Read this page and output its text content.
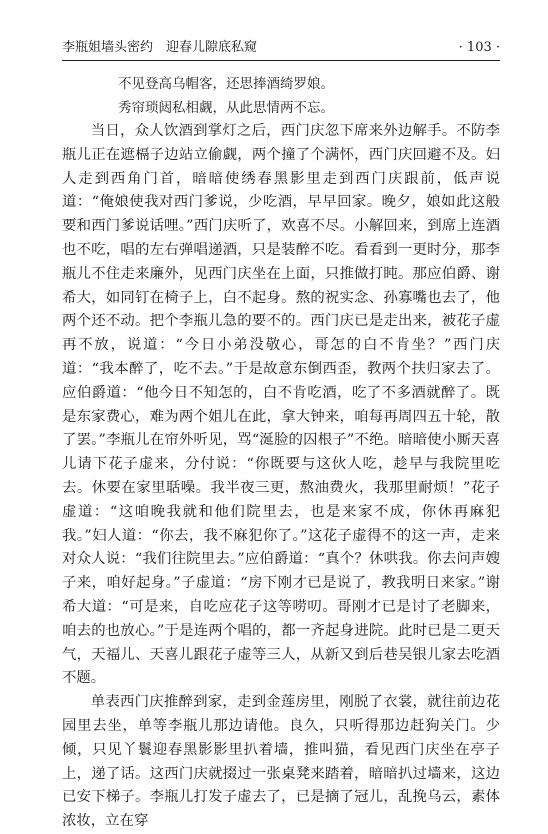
李瓶姐墙头密约　迎春儿隙底私窥	· 103 ·

不见登高乌帽客，还思捧酒绮罗娘。

秀帘琐闼私相觑，从此思情两不忘。

当日，众人饮酒到掌灯之后，西门庆忽下席来外边解手。不防李瓶儿正在遮槅子边站立偷觑，两个撞了个满怀，西门庆回避不及。妇人走到西角门首，暗暗使绣春黑影里走到西门庆跟前，低声说道：“俺娘使我对西门爹说，少吃酒，早早回家。晚夕，娘如此这般要和西门爹说话哩。”西门庆听了，欢喜不尽。小解回来，到席上连酒也不吃，唱的左右弹唱递酒，只是装醉不吃。看看到一更时分，那李瓶儿不住走来廉外，见西门庆坐在上面，只推做打盹。那应伯爵、谢希大，如同钉在椅子上，白不起身。熬的祝实念、孙寡嘴也去了，他两个还不动。把个李瓶儿急的要不的。西门庆已是走出来，被花子虚再不放，说道：“今日小弟没敬心，哥怎的白不肯坐？”西门庆道：“我本醉了，吃不去。”于是故意东倒西歪，教两个扶归家去了。应伯爵道：“他今日不知怎的，白不肯吃酒，吃了不多酒就醉了。既是东家费心，难为两个姐儿在此，拿大钟来，咱每再周四五十轮，散了罢。”李瓶儿在帘外听见，骂“涎脸的囚根子”不绝。暗暗使小厮天喜儿请下花子虚来，分付说：“你既要与这伙人吃，趁早与我院里吃去。休要在家里聒噪。我半夜三更，熬油费火，我那里耐烦！”花子虚道：“这咱晚我就和他们院里去，也是来家不成，你休再麻犯我。”妇人道：“你去，我不麻犯你了。”这花子虚得不的这一声，走来对众人说：“我们往院里去。”应伯爵道：“真个？休哄我。你去问声嫂子来，咱好起身。”子虚道：“房下刚才已是说了，教我明日来家。”谢希大道：“可是来，自吃应花子这等唠叨。哥刚才已是讨了老脚来，咱去的也放心。”于是连两个唱的，都一齐起身进院。此时已是二更天气，天福儿、天喜儿跟花子虚等三人，从新又到后巷吴银儿家去吃酒不题。

单表西门庆推醉到家，走到金莲房里，刚脱了衣裳，就往前边花园里去坐，单等李瓶儿那边请他。良久，只听得那边赶狗关门。少倾，只见丫鬟迎春黑影影里扒着墙，推叫猫，看见西门庆坐在亭子上，递了话。这西门庆就掇过一张桌凳来踏着，暗暗扒过墙来，这边已安下梯子。李瓶儿打发子虚去了，已是摘了冠儿，乱挽乌云，素体浓妆，立在穿
